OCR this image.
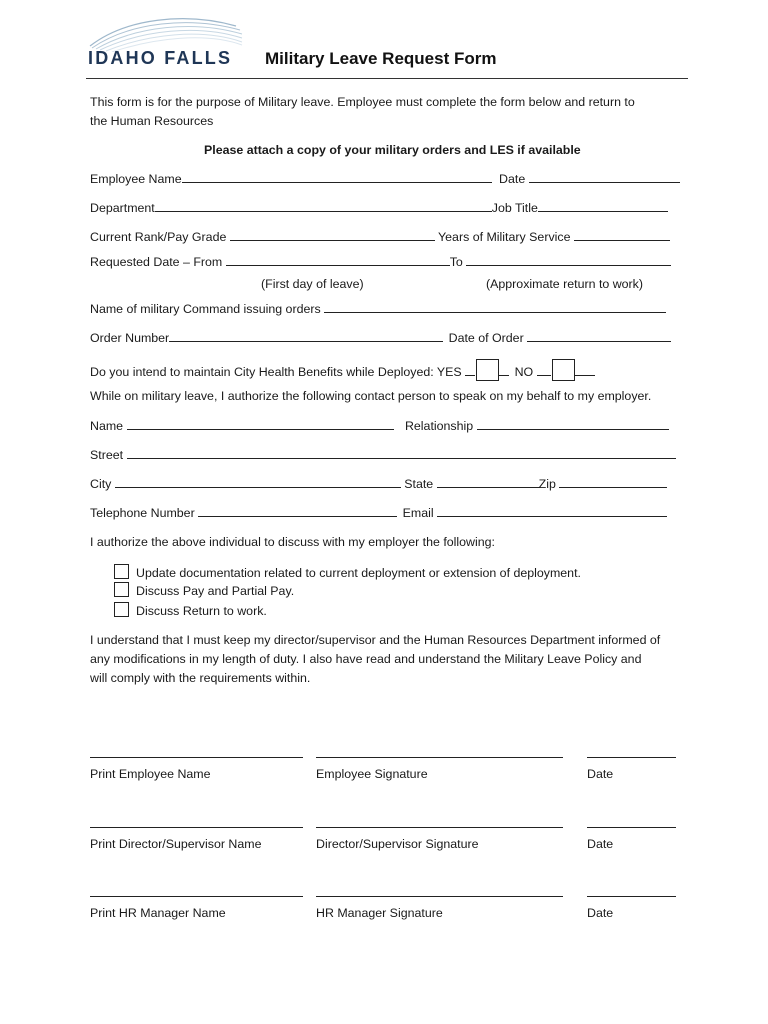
IDAHO FALLS Military Leave Request Form
This form is for the purpose of Military leave. Employee must complete the form below and return to
the Human Resources
Please attach a copy of your military orders and LES if available
Employee Name	Date
Department	Job Title
Current Rank/Pay Grade	Years of Military Service
Requested Date – From	To
(First day of leave)	(Approximate return to work)
Name of military Command issuing orders
Order Number	Date of Order
Do you intend to maintain City Health Benefits while Deployed: YES	NO
While on military leave, I authorize the following contact person to speak on my behalf to my employer.
Name	Relationship
Street
City	State	Zip
Telephone Number	Email
I authorize the above individual to discuss with my employer the following:
Update documentation related to current deployment or extension of deployment.
Discuss Pay and Partial Pay.
Discuss Return to work.
I understand that I must keep my director/supervisor and the Human Resources Department informed of
any modifications in my length of duty. I also have read and understand the Military Leave Policy and
will comply with the requirements within.
Print Employee Name	Employee Signature	Date
Print Director/Supervisor Name	Director/Supervisor Signature	Date
Print HR Manager Name	HR Manager Signature	Date
